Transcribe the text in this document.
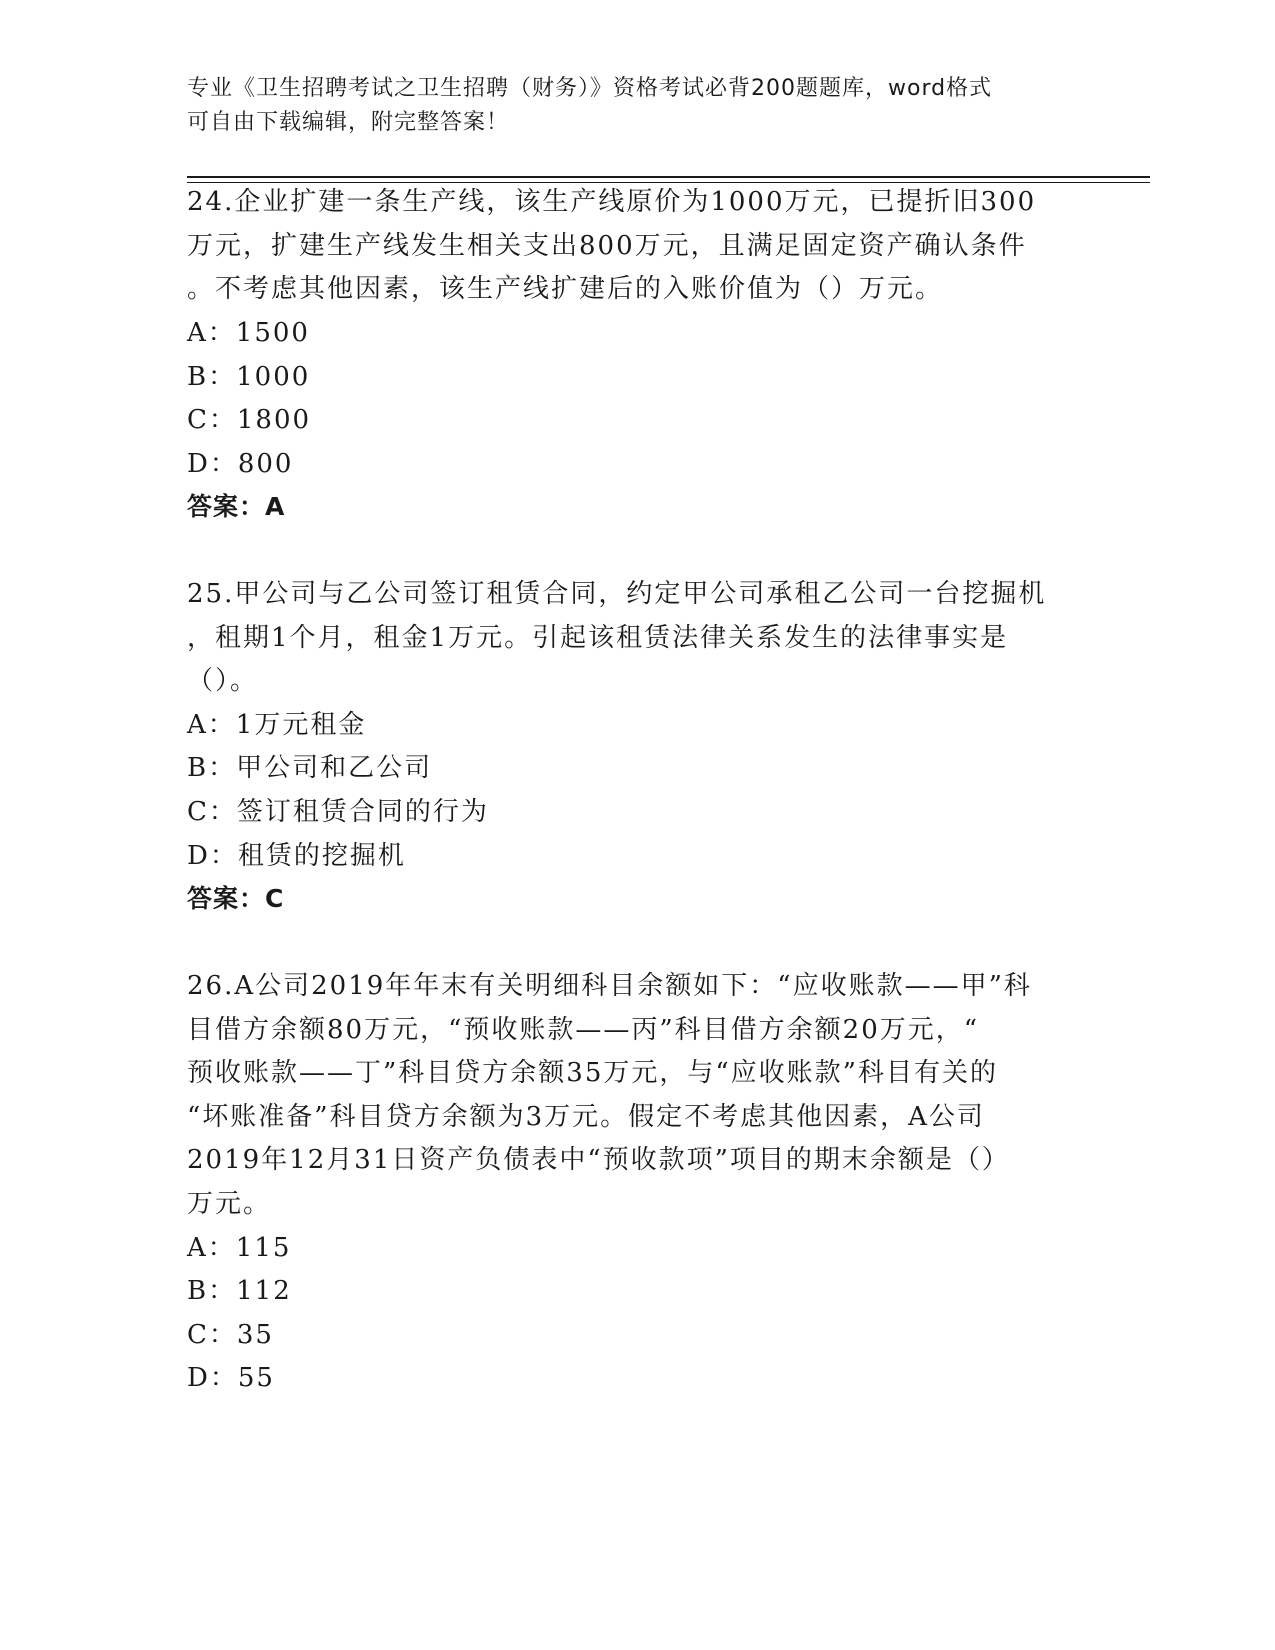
专业《卫生招聘考试之卫生招聘（财务）》资格考试必背200题题库，word格式
可自由下载编辑，附完整答案！
24.企业扩建一条生产线，该生产线原价为1000万元，已提折旧300
万元，扩建生产线发生相关支出800万元，且满足固定资产确认条件
。不考虑其他因素，该生产线扩建后的入账价值为（）万元。
A：1500
B：1000
C：1800
D：800
答案：A
25.甲公司与乙公司签订租赁合同，约定甲公司承租乙公司一台挖掘机
，租期1个月，租金1万元。引起该租赁法律关系发生的法律事实是
（）。
A：1万元租金
B：甲公司和乙公司
C：签订租赁合同的行为
D：租赁的挖掘机
答案：C
26.A公司2019年年末有关明细科目余额如下：“应收账款——甲”科
目借方余额80万元，“预收账款——丙”科目借方余额20万元，“
预收账款——丁”科目贷方余额35万元，与“应收账款”科目有关的
“坏账准备”科目贷方余额为3万元。假定不考虑其他因素，A公司
2019年12月31日资产负债表中“预收款项”项目的期末余额是（）
万元。
A：115
B：112
C：35
D：55
